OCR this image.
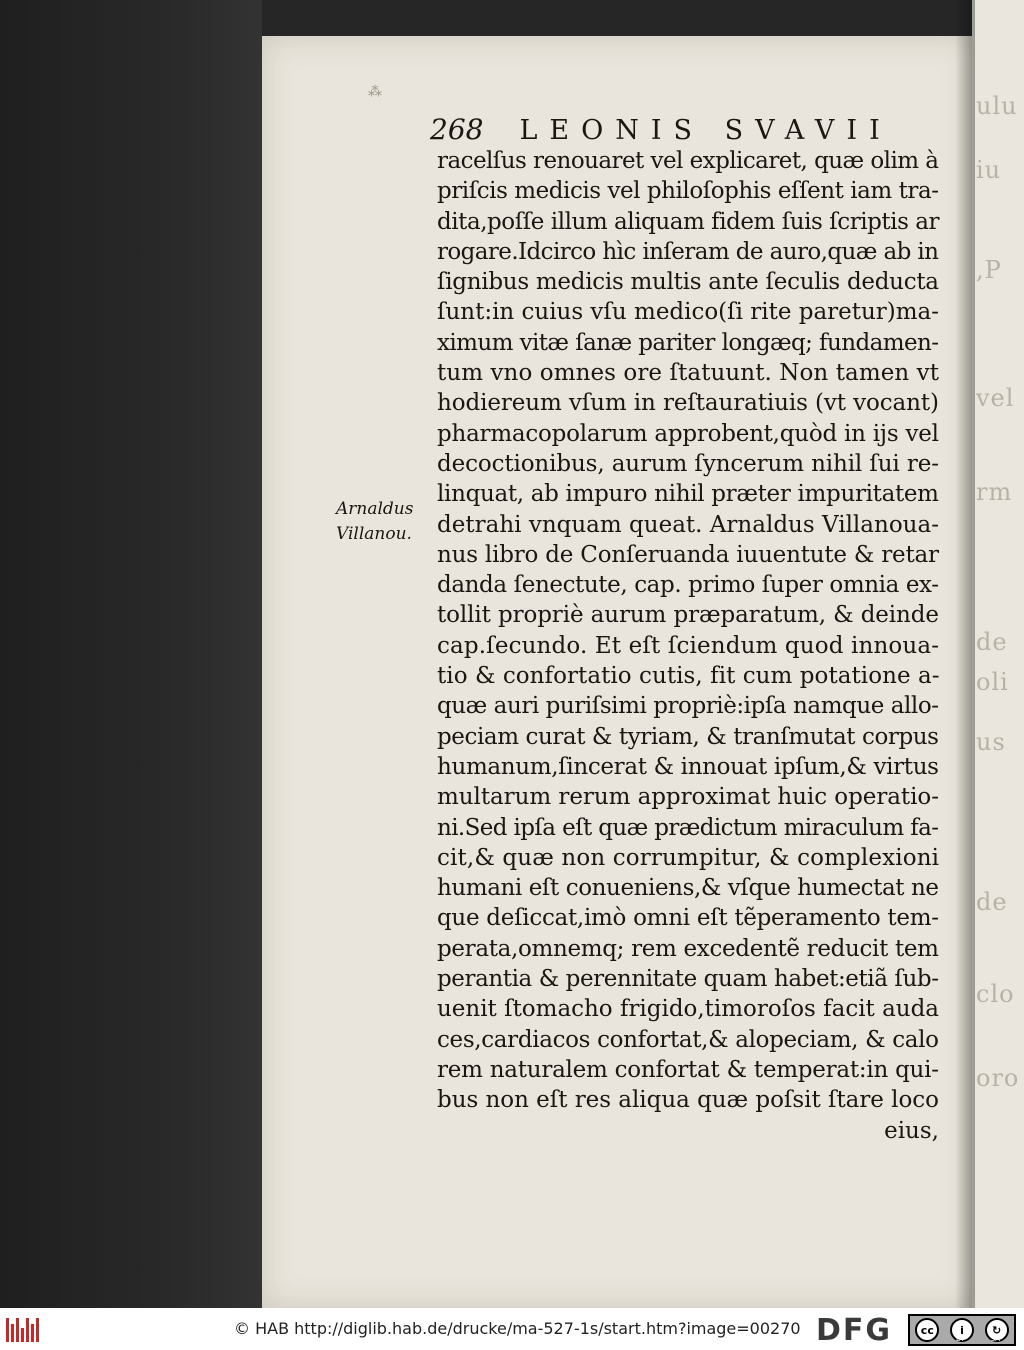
ulu
iu
,P
vel
rm
de
oli
us
de
clo
oro
⁂
268 LEONIS SVAVII
Arnaldus
Villanou.
racelſus renouaret vel explicaret, quæ olim à
priſcis medicis vel philoſophis eſſent iam tra-
dita,poſſe illum aliquam fidem ſuis ſcriptis ar
rogare.Idcirco hìc inſeram de auro,quæ ab in
ſignibus medicis multis ante ſeculis deducta
ſunt:in cuius vſu medico(ſi rite paretur)ma-
ximum vitæ ſanæ pariter longæq; fundamen-
tum vno omnes ore ſtatuunt. Non tamen vt
hodiereum vſum in reſtauratiuis (vt vocant)
pharmacopolarum approbent,quòd in ijs vel
decoctionibus, aurum ſyncerum nihil ſui re-
linquat, ab impuro nihil præter impuritatem
detrahi vnquam queat. Arnaldus Villanoua-
nus libro de Conſeruanda iuuentute & retar
danda ſenectute, cap. primo ſuper omnia ex-
tollit propriè aurum præparatum, & deinde
cap.ſecundo. Et eſt ſciendum quod innoua-
tio & confortatio cutis, fit cum potatione a-
quæ auri puriſsimi propriè:ipſa namque allo-
peciam curat & tyriam, & tranſmutat corpus
humanum,ſincerat & innouat ipſum,& virtus
multarum rerum approximat huic operatio-
ni.Sed ipſa eſt quæ prædictum miraculum fa-
cit,& quæ non corrumpitur, & complexioni
humani eſt conueniens,& vſque humectat ne
que deſiccat,imò omni eſt tẽperamento tem-
perata,omnemq; rem excedentẽ reducit tem
perantia & perennitate quam habet:etiã ſub-
uenit ſtomacho frigido,timoroſos facit auda
ces,cardiacos confortat,& alopeciam, & calo
rem naturalem confortat & temperat:in qui-
bus non eſt res aliqua quæ poſsit ſtare loco
eius,
© HAB http://diglib.hab.de/drucke/ma-527-1s/start.htm?image=00270 DFG	cc	i
BY
↻
SA
